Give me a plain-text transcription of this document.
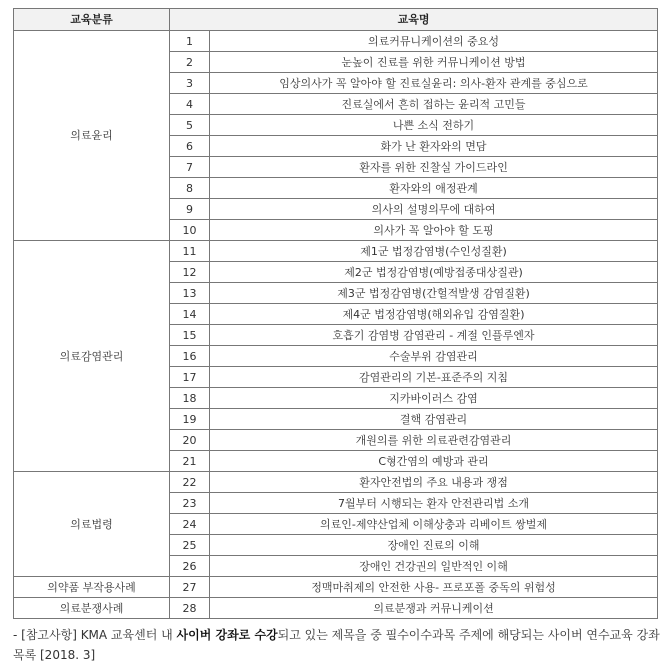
교육분류	교육명	
의료윤리	1	의료커뮤니케이션의 중요성
	2	눈높이 진료를 위한 커뮤니케이션 방법
	3	임상의사가 꼭 알아야 할 진료실윤리: 의사-환자 관계를 중심으로
	4	진료실에서 흔히 접하는 윤리적 고민들
	5	나쁜 소식 전하기
	6	화가 난 환자와의 면담
	7	환자를 위한 진찰실 가이드라인
	8	환자와의 애정관계
	9	의사의 설명의무에 대하여
	10	의사가 꼭 알아야 할 도핑
의료감염관리	11	제1군 법정감염병(수인성질환)
	12	제2군 법정감염병(예방접종대상질관)
	13	제3군 법정감염병(간헐적발생 감염질환)
	14	제4군 법정감염병(해외유입 감염질환)
	15	호흡기 감염병 감염관리 - 계절 인플루엔자
	16	수술부위 감염관리
	17	감염관리의 기본-표준주의 지침
	18	지카바이러스 감염
	19	결핵 감염관리
	20	개원의를 위한 의료관련감염관리
	21	C형간염의 예방과 관리
의료법령	22	환자안전법의 주요 내용과 쟁점
	23	7월부터 시행되는 환자 안전관리법 소개
	24	의료인-제약산업체 이해상충과 리베이트 쌍벌제
	25	장애인 진료의 이해
	26	장애인 건강권의 일반적인 이해
의약품 부작용사례	27	정맥마취제의 안전한 사용- 프로포폴 중독의 위험성
의료분쟁사례	28	의료분쟁과 커뮤니케이션
- [참고사항] KMA 교육센터 내 사이버 강좌로 수강되고 있는 제목을 중 필수이수과목 주제에 해당되는 사이버 연수교육 강좌 목록 [2018. 3]
